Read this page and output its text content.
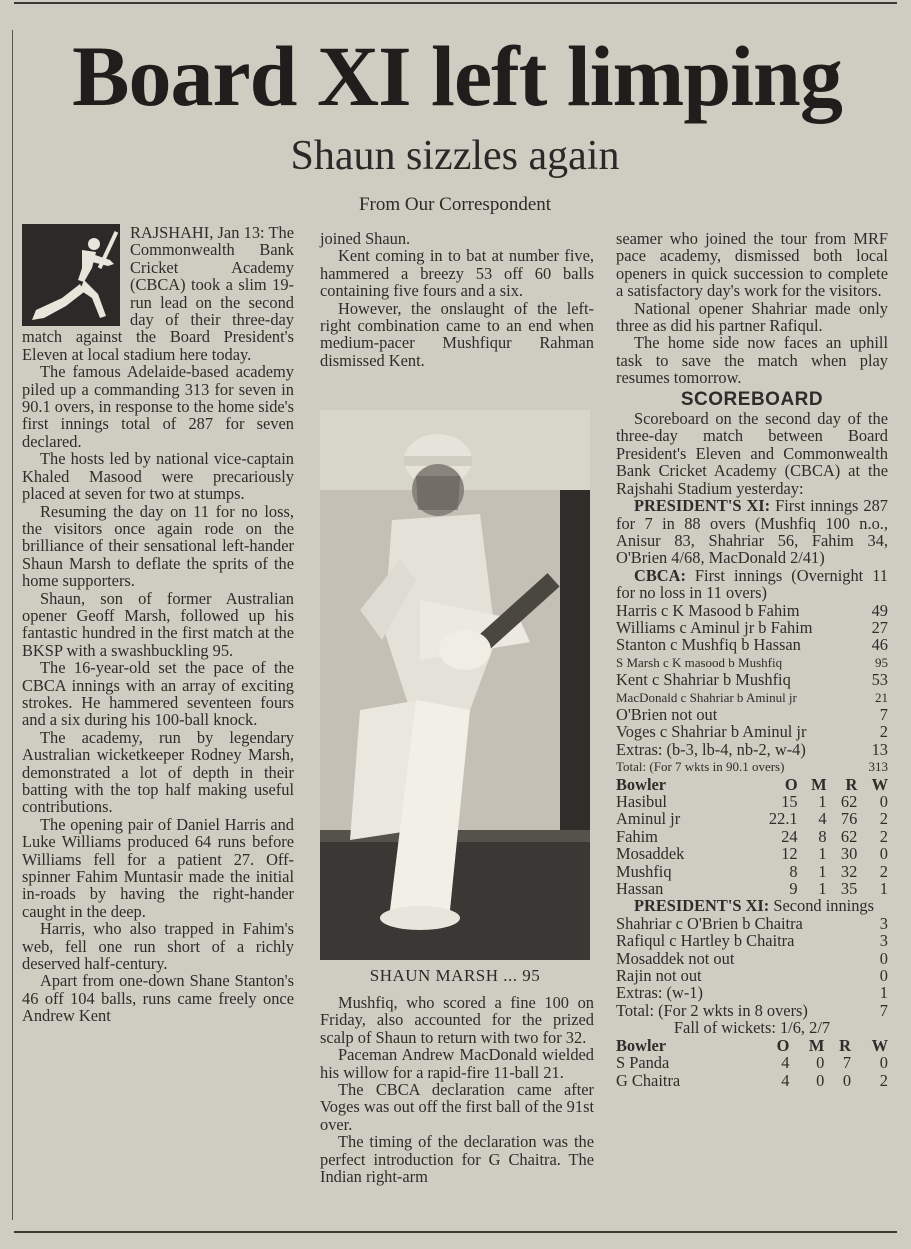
Board XI left limping
Shaun sizzles again
From Our Correspondent

RAJSHAHI, Jan 13: The Commonwealth Bank Cricket Academy (CBCA) took a slim 19-run lead on the second day of their three-day match against the Board President's Eleven at local stadium here today.

The famous Adelaide-based academy piled up a commanding 313 for seven in 90.1 overs, in response to the home side's first innings total of 287 for seven declared.

The hosts led by national vice-captain Khaled Masood were precariously placed at seven for two at stumps.

Resuming the day on 11 for no loss, the visitors once again rode on the brilliance of their sensational left-hander Shaun Marsh to deflate the sprits of the home supporters.

Shaun, son of former Australian opener Geoff Marsh, followed up his fantastic hundred in the first match at the BKSP with a swashbuckling 95.

The 16-year-old set the pace of the CBCA innings with an array of exciting strokes. He hammered seventeen fours and a six during his 100-ball knock.

The academy, run by legendary Australian wicketkeeper Rodney Marsh, demonstrated a lot of depth in their batting with the top half making useful contributions.

The opening pair of Daniel Harris and Luke Williams produced 64 runs before Williams fell for a patient 27. Off-spinner Fahim Muntasir made the initial in-roads by having the right-hander caught in the deep.

Harris, who also trapped in Fahim's web, fell one run short of a richly deserved half-century.

Apart from one-down Shane Stanton's 46 off 104 balls, runs came freely once Andrew Kent

joined Shaun.

Kent coming in to bat at number five, hammered a breezy 53 off 60 balls containing five fours and a six.

However, the onslaught of the left-right combination came to an end when medium-pacer Mushfiqur Rahman dismissed Kent.

SHAUN MARSH ... 95

Mushfiq, who scored a fine 100 on Friday, also accounted for the prized scalp of Shaun to return with two for 32.

Paceman Andrew MacDonald wielded his willow for a rapid-fire 11-ball 21.

The CBCA declaration came after Voges was out off the first ball of the 91st over.

The timing of the declaration was the perfect introduction for G Chaitra. The Indian right-arm

seamer who joined the tour from MRF pace academy, dismissed both local openers in quick succession to complete a satisfactory day's work for the visitors.

National opener Shahriar made only three as did his partner Rafiqul.

The home side now faces an uphill task to save the match when play resumes tomorrow.

SCOREBOARD

Scoreboard on the second day of the three-day match between Board President's Eleven and Commonwealth Bank Cricket Academy (CBCA) at the Rajshahi Stadium yesterday:

PRESIDENT'S XI: First innings 287 for 7 in 88 overs (Mushfiq 100 n.o., Anisur 83, Shahriar 56, Fahim 34, O'Brien 4/68, MacDonald 2/41)

CBCA: First innings (Overnight 11 for no loss in 11 overs)

Harris c K Masood b Fahim	49
Williams c Aminul jr b Fahim	27
Stanton c Mushfiq b Hassan	46
S Marsh c K masood b Mushfiq	95
Kent c Shahriar b Mushfiq	53
MacDonald c Shahriar b Aminul jr	21
O'Brien not out	7
Voges c Shahriar b Aminul jr	2
Extras: (b-3, lb-4, nb-2, w-4)	13
Total: (For 7 wkts in 90.1 overs)	313
Bowler	O	M	R	W
Hasibul	15	1	62	0
Aminul jr	22.1	4	76	2
Fahim	24	8	62	2
Mosaddek	12	1	30	0
Mushfiq	8	1	32	2
Hassan	9	1	35	1

PRESIDENT'S XI: Second innings

Shahriar c O'Brien b Chaitra	3
Rafiqul c Hartley b Chaitra	3
Mosaddek not out	0
Rajin not out	0
Extras: (w-1)	1
Total: (For 2 wkts in 8 overs)	7
Fall of wickets: 1/6, 2/7
Bowler	O	M	R	W
S Panda	4	0	7	0
G Chaitra	4	0	0	2
